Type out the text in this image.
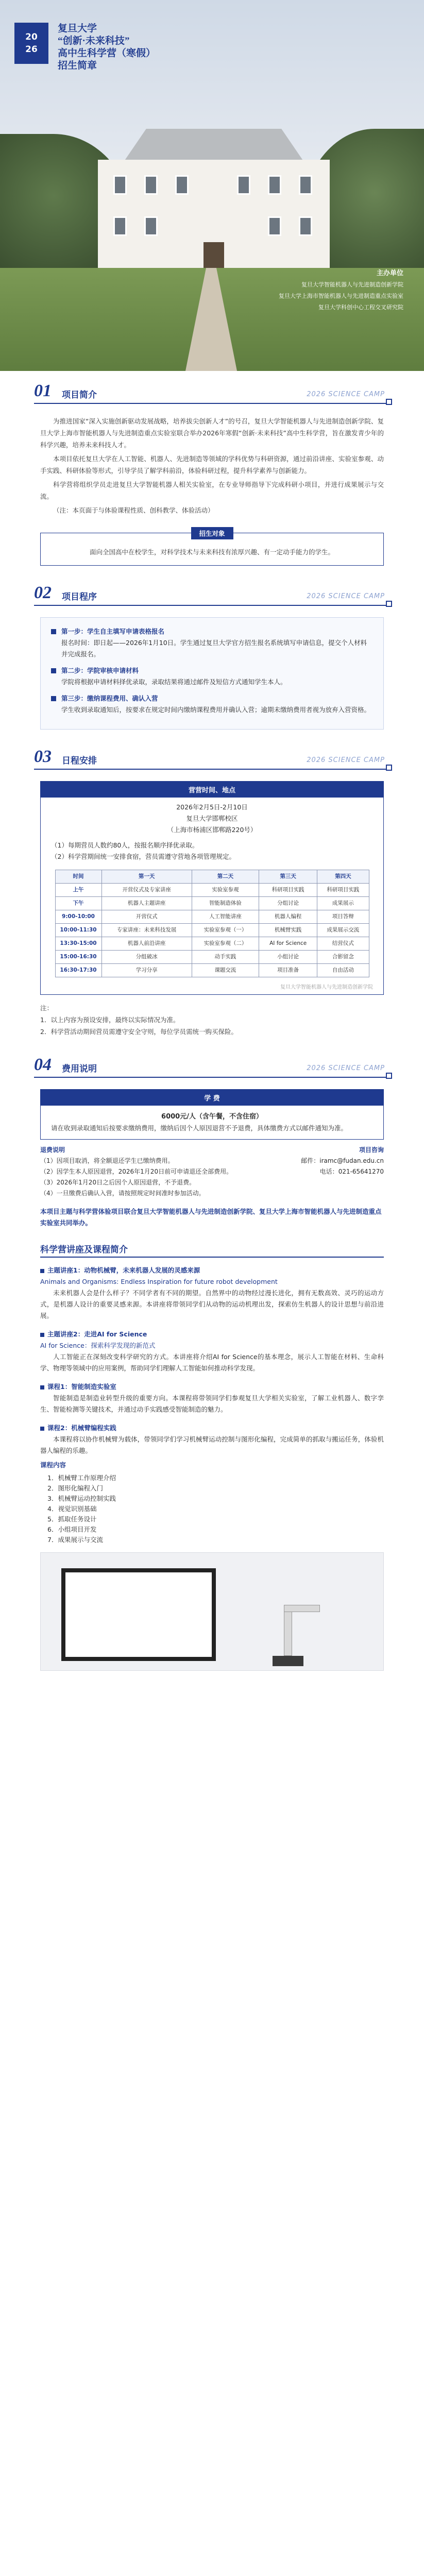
20
26
复旦大学
“创新·未来科技”
高中生科学营（寒假）
招生简章
主办单位
复旦大学智能机器人与先进制造创新学院
复旦大学上海市智能机器人与先进制造重点实验室
复旦大学科创中心工程交叉研究院
01 项目简介	2026 SCIENCE CAMP

为推进国家“深入实施创新驱动发展战略，培养拔尖创新人才”的号召，复旦大学智能机器人与先进制造创新学院、复旦大学上海市智能机器人与先进制造重点实验室联合举办2026年寒假“创新·未来科技”高中生科学营，旨在激发青少年的科学兴趣，培养未来科技人才。

本项目依托复旦大学在人工智能、机器人、先进制造等领域的学科优势与科研资源，通过前沿讲座、实验室参观、动手实践、科研体验等形式，引导学员了解学科前沿，体验科研过程，提升科学素养与创新能力。

科学营将组织学员走进复旦大学智能机器人相关实验室，在专业导师指导下完成科研小项目，并进行成果展示与交流。

（注：本页面于与体验课程性质、创科教学、体验活动）

招生对象
面向全国高中在校学生，对科学技术与未来科技有浓厚兴趣、有一定动手能力的学生。
02 项目程序	2026 SCIENCE CAMP
第一步：学生自主填写申请表格报名
报名时间：即日起——2026年1月10日。学生通过复旦大学官方招生报名系统填写申请信息，提交个人材料并完成报名。
第二步：学院审核申请材料
学院将根据申请材料择优录取，录取结果将通过邮件及短信方式通知学生本人。
第三步：缴纳课程费用、确认入营
学生收到录取通知后，按要求在规定时间内缴纳课程费用并确认入营；逾期未缴纳费用者视为放弃入营资格。
03 日程安排	2026 SCIENCE CAMP
营营时间、地点
2026年2月5日-2月10日
复旦大学邯郸校区
（上海市杨浦区邯郸路220号）
（1）每期营员人数约80人，按报名顺序择优录取。
（2）科学营期间统一安排食宿，营员需遵守营地各项管理规定。
时间	第一天	第二天	第三天	第四天
上午	开营仪式及专家讲座	实验室参观	科研项目实践	科研项目实践
下午	机器人主题讲座	智能制造体验	分组讨论	成果展示
9:00-10:00	开营仪式	人工智能讲座	机器人编程	项目答辩
10:00-11:30	专家讲座：未来科技发展	实验室参观（一）	机械臂实践	成果展示交流
13:30-15:00	机器人前沿讲座	实验室参观（二）	AI for Science	结营仪式
15:00-16:30	分组破冰	动手实践	小组讨论	合影留念
16:30-17:30	学习分享	课题交流	项目准备	自由活动
复旦大学智能机器人与先进制造创新学院
注：
1．以上内容为预设安排，最终以实际情况为准。
2．科学营活动期间营员需遵守安全守则，每位学员需统一购买保险。
04 费用说明	2026 SCIENCE CAMP
学 费
6000元/人（含午餐，不含住宿）
请在收到录取通知后按要求缴纳费用，缴纳后因个人原因退营不予退费，具体缴费方式以邮件通知为准。
退费说明
（1）因项目取消，将全额退还学生已缴纳费用。
（2）因学生本人原因退营，2026年1月20日前可申请退还全部费用。
（3）2026年1月20日之后因个人原因退营，不予退费。
（4）一旦缴费后确认入营，请按照规定时间准时参加活动。
项目咨询
邮件：iramc@fudan.edu.cn
电话：021-65641270
本项目主题与科学营体验项目联合复旦大学智能机器人与先进制造创新学院、复旦大学上海市智能机器人与先进制造重点实验室共同举办。
科学营讲座及课程简介
主题讲座1：动物机械臂，未来机器人发展的灵感来源
Animals and Organisms: Endless Inspiration for future robot development
未来机器人会是什么样子？不同学者有不同的期望。自然界中的动物经过漫长进化，拥有无数高效、灵巧的运动方式，是机器人设计的重要灵感来源。本讲座将带领同学们从动物的运动机理出发，探索仿生机器人的设计思想与前沿进展。
主题讲座2：走进AI for Science
AI for Science：探索科学发现的新范式
人工智能正在深刻改变科学研究的方式。本讲座将介绍AI for Science的基本理念，展示人工智能在材料、生命科学、物理等领域中的应用案例，帮助同学们理解人工智能如何推动科学发现。
课程1：智能制造实验室
智能制造是制造业转型升级的重要方向。本课程将带领同学们参观复旦大学相关实验室，了解工业机器人、数字孪生、智能检测等关键技术，并通过动手实践感受智能制造的魅力。
课程2：机械臂编程实践
本课程将以协作机械臂为载体，带领同学们学习机械臂运动控制与图形化编程，完成简单的抓取与搬运任务，体验机器人编程的乐趣。
课程内容
1．机械臂工作原理介绍
2．图形化编程入门
3．机械臂运动控制实践
4．视觉识别基础
5．抓取任务设计
6．小组项目开发
7．成果展示与交流
